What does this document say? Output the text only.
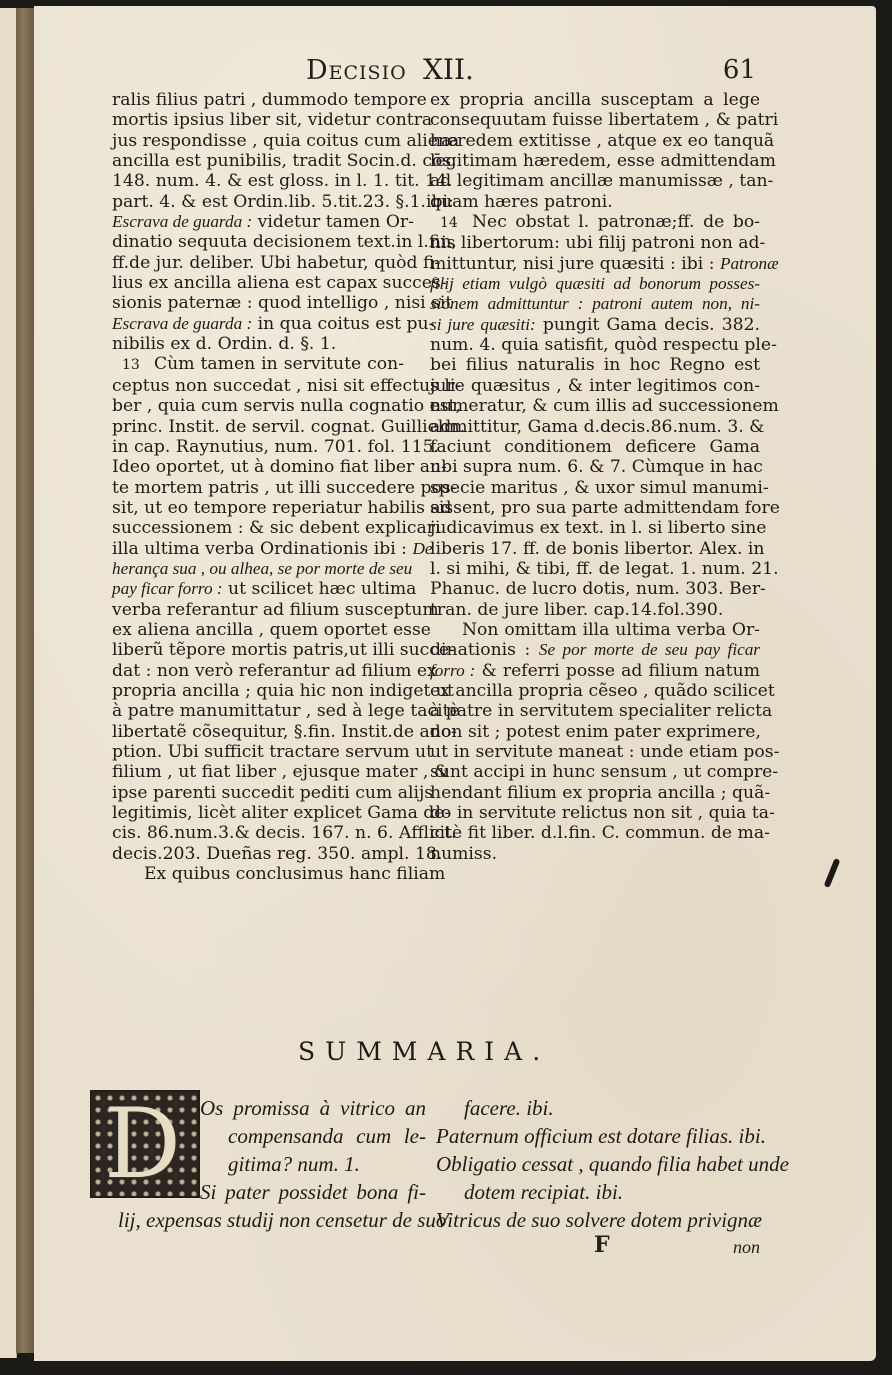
Decisio XII.	61
ralis filius patri , dummodo tempore
mortis ipsius liber sit, videtur contra
jus respondisse , quia coitus cum aliena
ancilla est punibilis, tradit Socin.d. cōs.
148. num. 4. & est gloss. in l. 1. tit. 14.
part. 4. & est Ordin.lib. 5.tit.23. §.1.ibi:
Escrava de guarda : videtur tamen Or-
dinatio sequuta decisionem text.in l.fin,
ff.de jur. deliber. Ubi habetur, quòd fi-
lius ex ancilla aliena est capax succes-
sionis paternæ : quod intelligo , nisi sit
Escrava de guarda : in qua coitus est pu-
nibilis ex d. Ordin. d. §. 1.
13 Cùm tamen in servitute con-
ceptus non succedat , nisi sit effectus li-
ber , quia cum servis nulla cognatio est,
princ. Instit. de servil. cognat. Guillielm.
in cap. Raynutius, num. 701. fol. 115.
Ideo oportet, ut à domino fiat liber an-
te mortem patris , ut illi succedere pos-
sit, ut eo tempore reperiatur habilis ad
successionem : & sic debent explicari
illa ultima verba Ordinationis ibi : De
herança sua , ou alhea, se por morte de seu
pay ficar forro : ut scilicet hæc ultima
verba referantur ad filium susceptum
ex aliena ancilla , quem oportet esse
liberũ tẽpore mortis patris,ut illi succe-
dat : non verò referantur ad filium ex
propria ancilla ; quia hic non indiget ut
à patre manumittatur , sed à lege tacitè
libertatẽ cõsequitur, §.fin. Instit.de ado-
ption. Ubi sufficit tractare servum ut
filium , ut fiat liber , ejusque mater , &
ipse parenti succedit pediti cum alijs
legitimis, licèt aliter explicet Gama de-
cis. 86.num.3.& decis. 167. n. 6. Afflict.
decis.203. Dueñas reg. 350. ampl. 18.
Ex quibus conclusimus hanc filiam
ex propria ancilla susceptam a lege
consequutam fuisse libertatem , & patri
hæredem extitisse , atque ex eo tanquã
legitimam hæredem, esse admittendam
ad legitimam ancillæ manumissæ , tan-
quam hæres patroni.
14 Nec obstat l. patronæ;ff. de bo-
nis libertorum: ubi filij patroni non ad-
mittuntur, nisi jure quæsiti : ibi : Patronæ
filij etiam vulgò quæsiti ad bonorum posses-
sionem admittuntur : patroni autem non, ni-
si jure quæsiti: pungit Gama decis. 382.
num. 4. quia satisfit, quòd respectu ple-
bei filius naturalis in hoc Regno est
jure quæsitus , & inter legitimos con-
numeratur, & cum illis ad successionem
admittitur, Gama d.decis.86.num. 3. &
faciunt conditionem deficere Gama
ubi supra num. 6. & 7. Cùmque in hac
specie maritus , & uxor simul manumi-
sissent, pro sua parte admittendam fore
judicavimus ex text. in l. si liberto sine
liberis 17. ff. de bonis libertor. Alex. in
l. si mihi, & tibi, ff. de legat. 1. num. 21.
Phanuc. de lucro dotis, num. 303. Ber-
tran. de jure liber. cap.14.fol.390.
Non omittam illa ultima verba Or-
dinationis : Se por morte de seu pay ficar
forro : & referri posse ad filium natum
ex ancilla propria cẽseo , quãdo scilicet
à patre in servitutem specialiter relicta
non sit ; potest enim pater exprimere,
ut in servitute maneat : unde etiam pos-
sunt accipi in hunc sensum , ut compre-
hendant filium ex propria ancilla ; quã-
do in servitute relictus non sit , quia ta-
citè fit liber. d.l.fin. C. commun. de ma-
numiss.
SUMMARIA.
D Os promissa à vitrico an
compensanda cum le-
gitima? num. 1.
Si pater possidet bona fi-
lij, expensas studij non censetur de suo
facere. ibi.
Paternum officium est dotare filias. ibi.
Obligatio cessat , quando filia habet unde
dotem recipiat. ibi.
Vitricus de suo solvere dotem privignæ
F	non
